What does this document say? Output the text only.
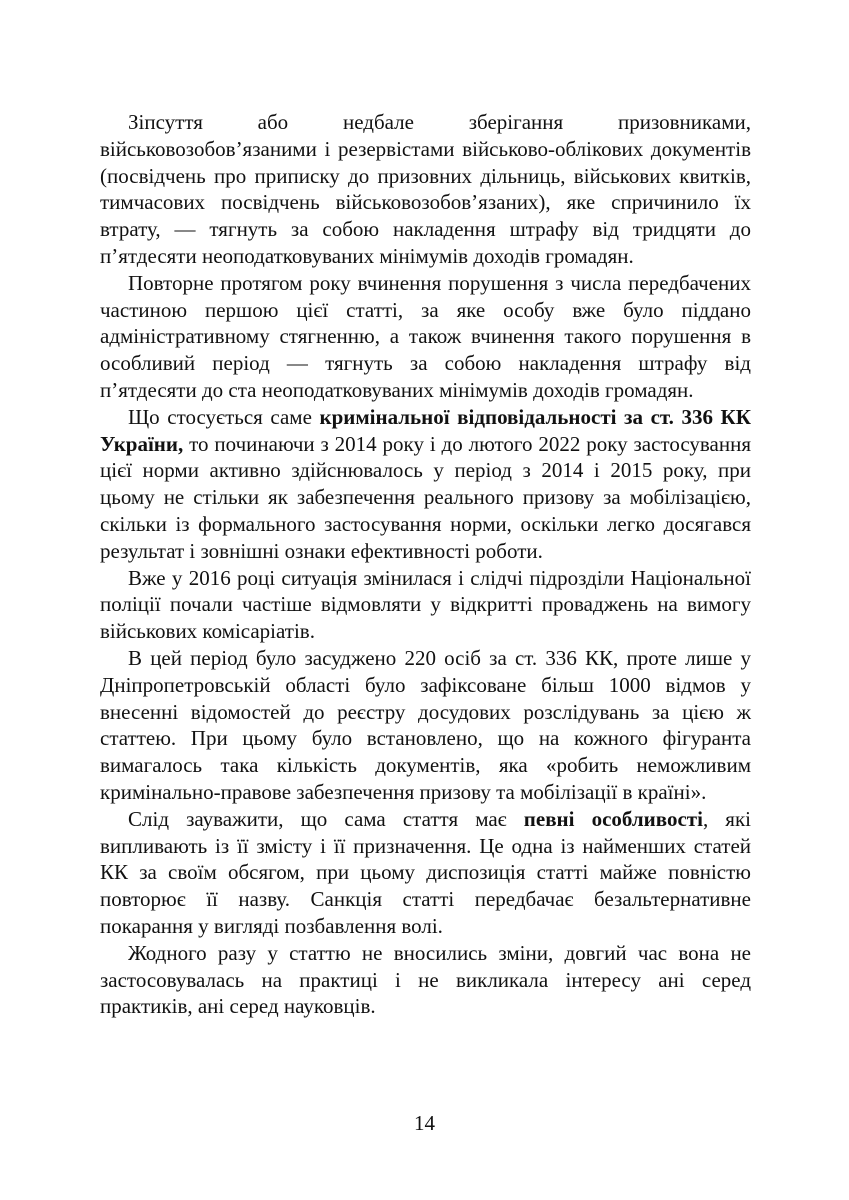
Зіпсуття або недбале зберігання призовниками, військовозобов’язаними і резервістами військово-облікових документів (посвідчень про приписку до призовних дільниць, військових квитків, тимчасових посвідчень військовозобов’язаних), яке спричинило їх втрату, — тягнуть за собою накладення штрафу від тридцяти до п’ятдесяти неоподатковуваних мінімумів доходів громадян.

Повторне протягом року вчинення порушення з числа передбачених частиною першою цієї статті, за яке особу вже було піддано адміністративному стягненню, а також вчинення такого порушення в особливий період — тягнуть за собою накладення штрафу від п’ятдесяти до ста неоподатковуваних мінімумів доходів громадян.

Що стосується саме кримінальної відповідальності за ст. 336 КК України, то починаючи з 2014 року і до лютого 2022 року застосування цієї норми активно здійснювалось у період з 2014 і 2015 року, при цьому не стільки як забезпечення реального призову за мобілізацією, скільки із формального застосування норми, оскільки легко досягався результат і зовнішні ознаки ефективності роботи.

Вже у 2016 році ситуація змінилася і слідчі підрозділи Національної поліції почали частіше відмовляти у відкритті проваджень на вимогу військових комісаріатів.

В цей період було засуджено 220 осіб за ст. 336 КК, проте лише у Дніпропетровській області було зафіксоване більш 1000 відмов у внесенні відомостей до реєстру досудових розслідувань за цією ж статтею. При цьому було встановлено, що на кожного фігуранта вимагалось така кількість документів, яка «робить неможливим кримінально-правове забезпечення призову та мобілізації в країні».

Слід зауважити, що сама стаття має певні особливості, які випливають із її змісту і її призначення. Це одна із найменших статей КК за своїм обсягом, при цьому диспозиція статті майже повністю повторює її назву. Санкція статті передбачає безальтернативне покарання у вигляді позбавлення волі.

Жодного разу у статтю не вносились зміни, довгий час вона не застосовувалась на практиці і не викликала інтересу ані серед практиків, ані серед науковців.

14
